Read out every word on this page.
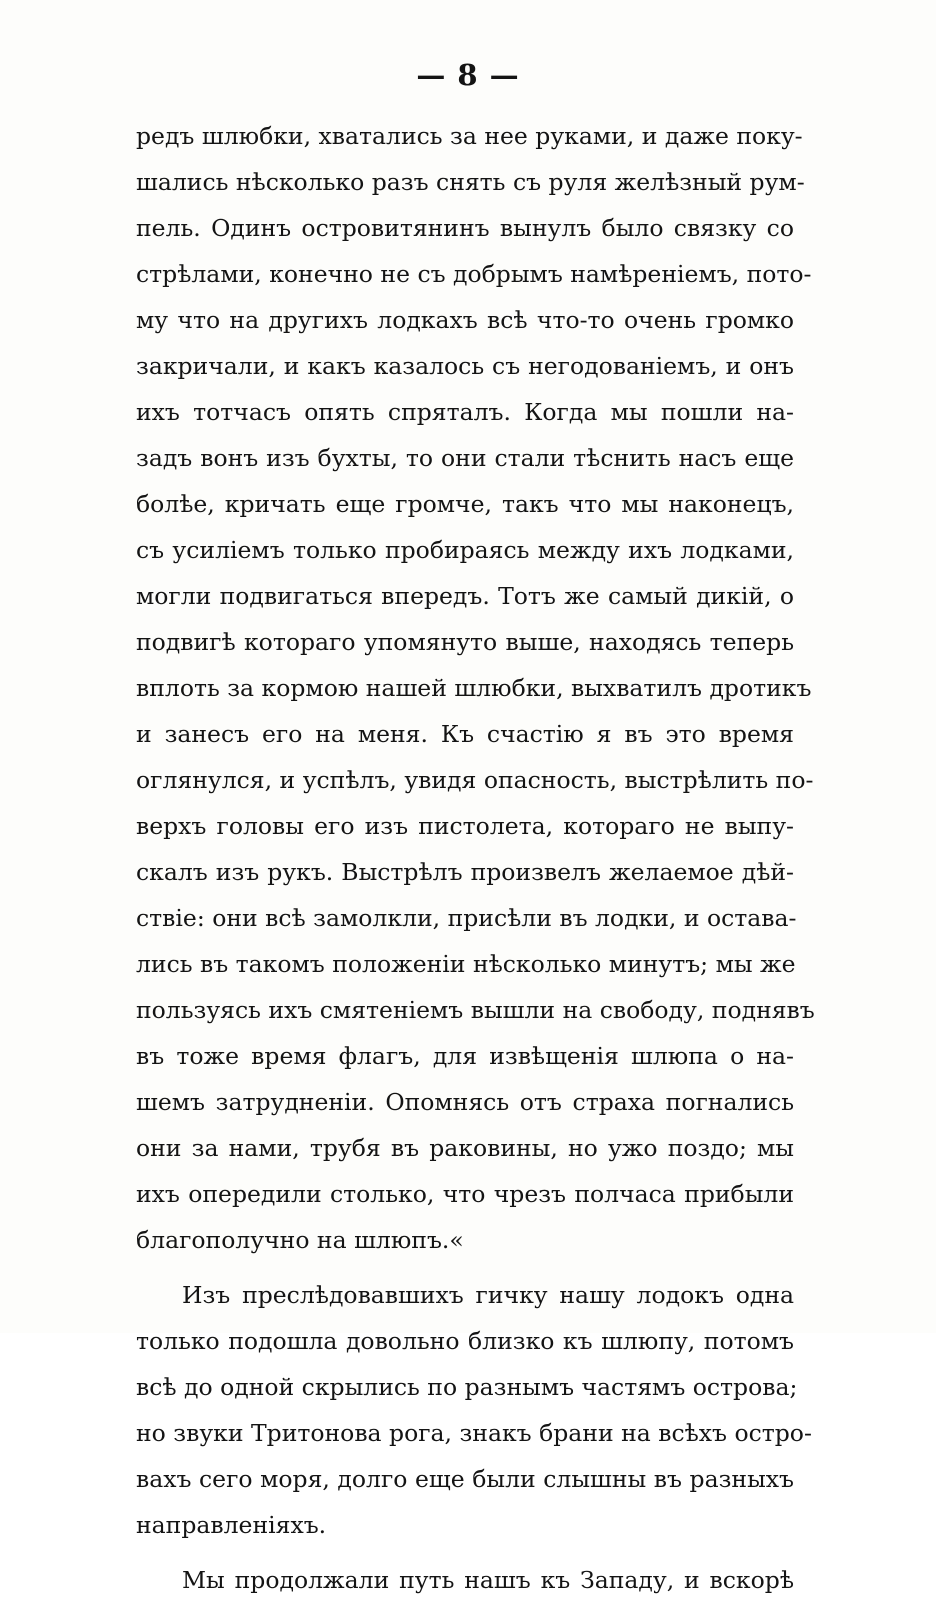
— 8 —
редъ шлюбки, хватались за нее руками, и даже поку-
шались нѣсколько разъ снять съ руля желѣзный рум-
пель. Одинъ островитянинъ вынулъ было связку со
стрѣлами, конечно не съ добрымъ намѣренiемъ, пото-
му что на другихъ лодкахъ всѣ что-то очень громко
закричали, и какъ казалось съ негодованiемъ, и онъ
ихъ тотчасъ опять спряталъ. Когда мы пошли на-
задъ вонъ изъ бухты, то они стали тѣснить насъ еще
болѣе, кричать еще громче, такъ что мы наконецъ,
съ усилiемъ только пробираясь между ихъ лодками,
могли подвигаться впередъ. Тотъ же самый дикiй, о
подвигѣ котораго упомянуто выше, находясь теперь
вплоть за кормою нашей шлюбки, выхватилъ дротикъ
и занесъ его на меня. Къ счастiю я въ это время
оглянулся, и успѣлъ, увидя опасность, выстрѣлить по-
верхъ головы его изъ пистолета, котораго не выпу-
скалъ изъ рукъ. Выстрѣлъ произвелъ желаемое дѣй-
ствiе: они всѣ замолкли, присѣли въ лодки, и остава-
лись въ такомъ положенiи нѣсколько минутъ; мы же
пользуясь ихъ смятенiемъ вышли на свободу, поднявъ
въ тоже время флагъ, для извѣщенiя шлюпа о на-
шемъ затрудненiи. Опомнясь отъ страха погнались
они за нами, трубя въ раковины, но ужо поздо; мы
ихъ опередили столько, что чрезъ полчаса прибыли
благополучно на шлюпъ.«
Изъ преслѣдовавшихъ гичку нашу лодокъ одна
только подошла довольно близко къ шлюпу, потомъ
всѣ до одной скрылись по разнымъ частямъ острова;
но звуки Тритонова рога, знакъ брани на всѣхъ остро-
вахъ сего моря, долго еще были слышны въ разныхъ
направленiяхъ.
Мы продолжали путь нашъ къ Западу, и вскорѣ
